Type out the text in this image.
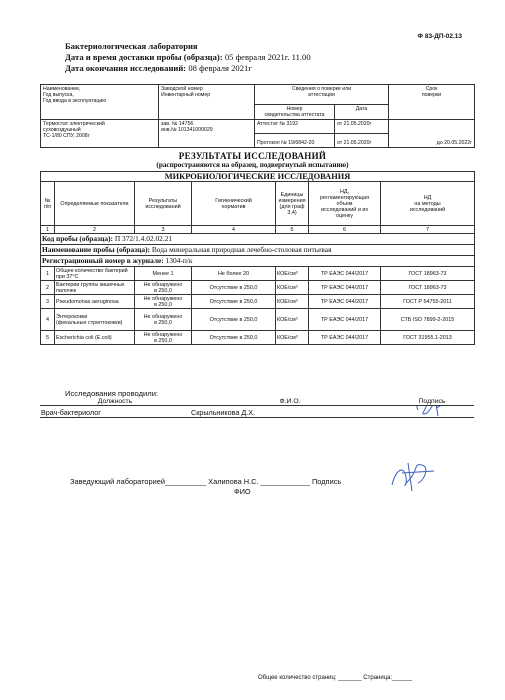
Ф 83-ДП-02.13
Бактериологическая лаборатория
Дата и время доставки пробы (образца): 05 февраля 2021г. 11.00
Дата окончания исследований: 08 февраля 2021г
Наименование,
Год выпуска,
Год ввода в эксплуатацию	Заводской номер
Инвентарный номер	Сведения о поверке или
аттестации		Срок
поверки
		Номер
свидетельства аттестата	Дата	
Термостат электрический
суховоздушный
ТС-1/80 СПУ, 2008г	зав. № 14756
инв.№ 101341000029	Аттестат № 3192	от 21.05.2020г	до 20.05.2022г
		Протокол № 19/6842-20	от 21.05.2020г	
РЕЗУЛЬТАТЫ ИССЛЕДОВАНИЙ
(распространяются на образец, подвергнутый испытанию)
МИКРОБИОЛОГИЧЕСКИЕ ИССЛЕДОВАНИЯ						
№
п/п	Определяемые показатели	Результаты
исследований	Гигиенический
норматив	Единицы
измерения
(для граф
3,4)	НД,
регламентирующая
объем
исследований и их
оценку	НД
на методы
исследований
1	2	3	4	5	6	7
Код пробы (образца): П 372/1.4.02.02.21						
Наименование пробы (образца): Вода минеральная природная лечебно-столовая питьевая						
Регистрационный номер в журнале: 1304-п/к						
1	Общее количество бактерий
при 37°С	Менее 1	Не более 20	КОЕ/см³	ТР ЕАЭС 044/2017	ГОСТ 18963-73
2	Бактерии группы кишечных
палочек	Не обнаружено
в 250,0	Отсутствие в 250,0	КОЕ/см³	ТР ЕАЭС 044/2017	ГОСТ 18963-73
3	Pseudomonas aeruginosa	Не обнаружено
в 250,0	Отсутствие в 250,0	КОЕ/см³	ТР ЕАЭС 044/2017	ГОСТ Р 54755-2011
4	Энтерококки
(фекальные стрептококки)	Не обнаружено
в 250,0	Отсутствие в 250,0	КОЕ/см³	ТР ЕАЭС 044/2017	СТБ ISO 7899-2-2015
5	Escherichia coli (E.coli)	Не обнаружено
в 250,0	Отсутствие в 250,0	КОЕ/см³	ТР ЕАЭС 044/2017	ГОСТ 31955.1-2013
Исследования проводили:
Должность	Ф.И.О.	Подпись
Врач-бактериолог	Скрыльникова Д.Х.	
Заведующий лабораторией__________ Халипова Н.С. ____________ Подпись
ФИО
Общее количество страниц: _______ Страница:______
